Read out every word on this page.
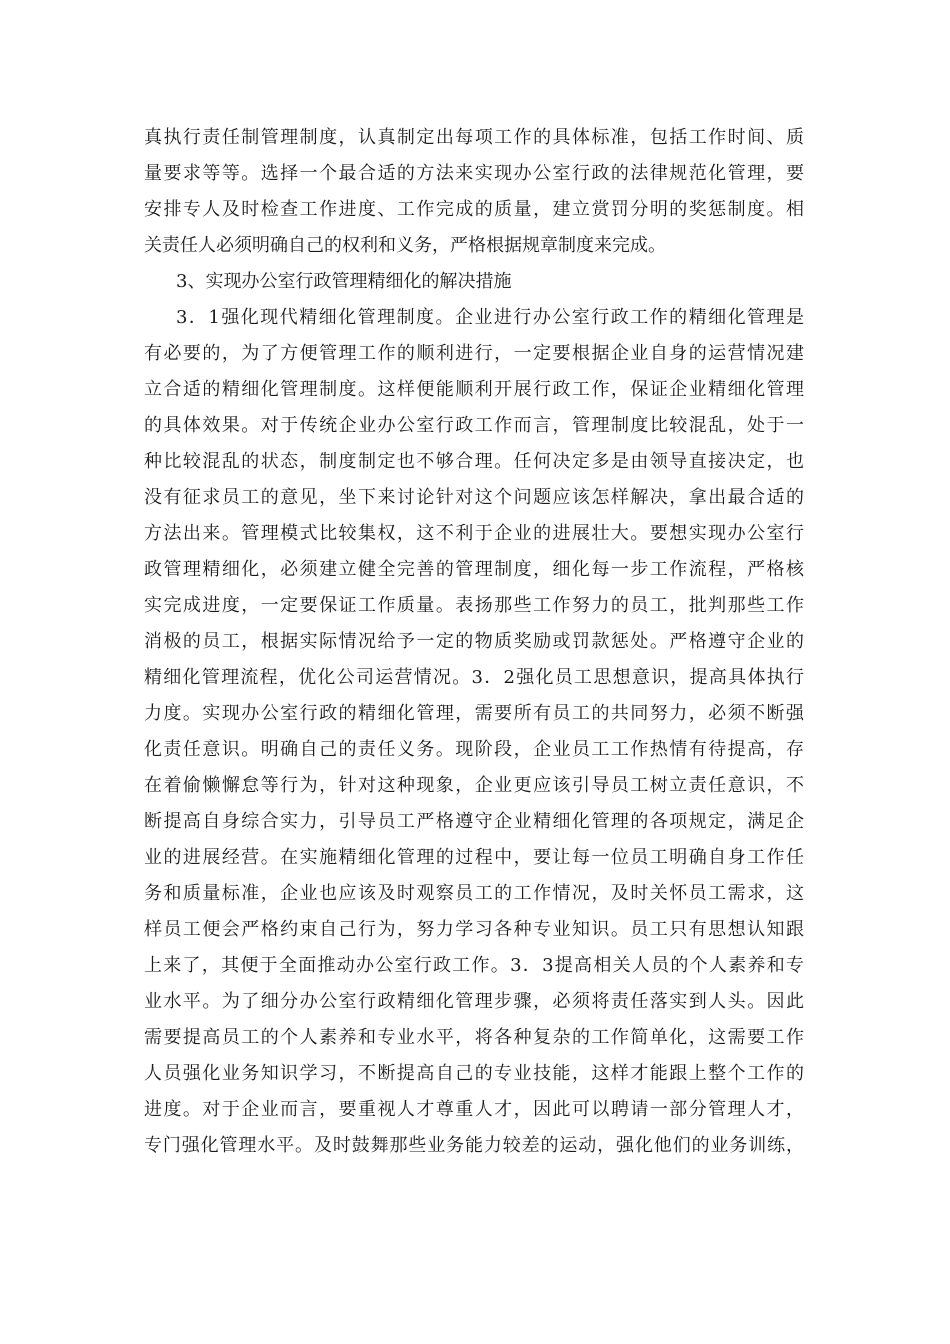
真执行责任制管理制度，认真制定出每项工作的具体标准，包括工作时间、质
量要求等等。选择一个最合适的方法来实现办公室行政的法律规范化管理，要
安排专人及时检查工作进度、工作完成的质量，建立赏罚分明的奖惩制度。相
关责任人必须明确自己的权利和义务，严格根据规章制度来完成。
3、实现办公室行政管理精细化的解决措施
3．1强化现代精细化管理制度。企业进行办公室行政工作的精细化管理是
有必要的，为了方便管理工作的顺利进行，一定要根据企业自身的运营情况建
立合适的精细化管理制度。这样便能顺利开展行政工作，保证企业精细化管理
的具体效果。对于传统企业办公室行政工作而言，管理制度比较混乱，处于一
种比较混乱的状态，制度制定也不够合理。任何决定多是由领导直接决定，也
没有征求员工的意见，坐下来讨论针对这个问题应该怎样解决，拿出最合适的
方法出来。管理模式比较集权，这不利于企业的进展壮大。要想实现办公室行
政管理精细化，必须建立健全完善的管理制度，细化每一步工作流程，严格核
实完成进度，一定要保证工作质量。表扬那些工作努力的员工，批判那些工作
消极的员工，根据实际情况给予一定的物质奖励或罚款惩处。严格遵守企业的
精细化管理流程，优化公司运营情况。3．2强化员工思想意识，提高具体执行
力度。实现办公室行政的精细化管理，需要所有员工的共同努力，必须不断强
化责任意识。明确自己的责任义务。现阶段，企业员工工作热情有待提高，存
在着偷懒懈怠等行为，针对这种现象，企业更应该引导员工树立责任意识，不
断提高自身综合实力，引导员工严格遵守企业精细化管理的各项规定，满足企
业的进展经营。在实施精细化管理的过程中，要让每一位员工明确自身工作任
务和质量标准，企业也应该及时观察员工的工作情况，及时关怀员工需求，这
样员工便会严格约束自己行为，努力学习各种专业知识。员工只有思想认知跟
上来了，其便于全面推动办公室行政工作。3．3提高相关人员的个人素养和专
业水平。为了细分办公室行政精细化管理步骤，必须将责任落实到人头。因此
需要提高员工的个人素养和专业水平，将各种复杂的工作简单化，这需要工作
人员强化业务知识学习，不断提高自己的专业技能，这样才能跟上整个工作的
进度。对于企业而言，要重视人才尊重人才，因此可以聘请一部分管理人才，
专门强化管理水平。及时鼓舞那些业务能力较差的运动，强化他们的业务训练，
